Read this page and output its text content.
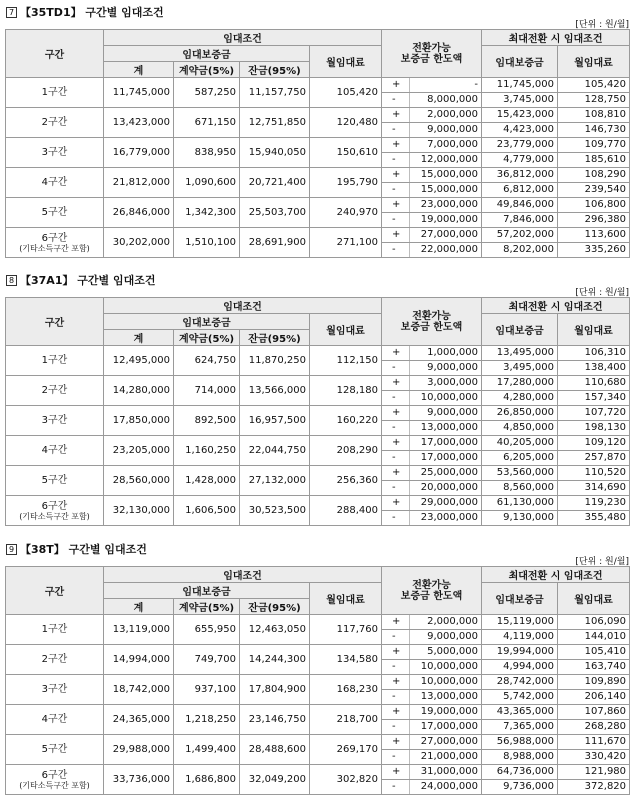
7 【35TD1】 구간별 임대조건
[단위 : 원/월]
구간	임대조건				전환가능
보증금 한도액		최대전환 시 임대조건	
	임대보증금			월임대료			임대보증금	월임대료
	계	계약금(5%)	잔금(95%)					

1구간	11,745,000	587,250	11,157,750	105,420	+	-	11,745,000	105,420
					-	8,000,000	3,745,000	128,750

2구간	13,423,000	671,150	12,751,850	120,480	+	2,000,000	15,423,000	108,810
					-	9,000,000	4,423,000	146,730

3구간	16,779,000	838,950	15,940,050	150,610	+	7,000,000	23,779,000	109,770
					-	12,000,000	4,779,000	185,610

4구간	21,812,000	1,090,600	20,721,400	195,790	+	15,000,000	36,812,000	108,290
					-	15,000,000	6,812,000	239,540

5구간	26,846,000	1,342,300	25,503,700	240,970	+	23,000,000	49,846,000	106,800
					-	19,000,000	7,846,000	296,380

6구간
(기타소득구간 포함)	30,202,000	1,510,100	28,691,900	271,100	+	27,000,000	57,202,000	113,600
					-	22,000,000	8,202,000	335,260
8 【37A1】 구간별 임대조건
[단위 : 원/월]
구간	임대조건				전환가능
보증금 한도액		최대전환 시 임대조건	
	임대보증금			월임대료			임대보증금	월임대료
	계	계약금(5%)	잔금(95%)					

1구간	12,495,000	624,750	11,870,250	112,150	+	1,000,000	13,495,000	106,310
					-	9,000,000	3,495,000	138,400

2구간	14,280,000	714,000	13,566,000	128,180	+	3,000,000	17,280,000	110,680
					-	10,000,000	4,280,000	157,340

3구간	17,850,000	892,500	16,957,500	160,220	+	9,000,000	26,850,000	107,720
					-	13,000,000	4,850,000	198,130

4구간	23,205,000	1,160,250	22,044,750	208,290	+	17,000,000	40,205,000	109,120
					-	17,000,000	6,205,000	257,870

5구간	28,560,000	1,428,000	27,132,000	256,360	+	25,000,000	53,560,000	110,520
					-	20,000,000	8,560,000	314,690

6구간
(기타소득구간 포함)	32,130,000	1,606,500	30,523,500	288,400	+	29,000,000	61,130,000	119,230
					-	23,000,000	9,130,000	355,480
9 【38T】 구간별 임대조건
[단위 : 원/월]
구간	임대조건				전환가능
보증금 한도액		최대전환 시 임대조건	
	임대보증금			월임대료			임대보증금	월임대료
	계	계약금(5%)	잔금(95%)					

1구간	13,119,000	655,950	12,463,050	117,760	+	2,000,000	15,119,000	106,090
					-	9,000,000	4,119,000	144,010

2구간	14,994,000	749,700	14,244,300	134,580	+	5,000,000	19,994,000	105,410
					-	10,000,000	4,994,000	163,740

3구간	18,742,000	937,100	17,804,900	168,230	+	10,000,000	28,742,000	109,890
					-	13,000,000	5,742,000	206,140

4구간	24,365,000	1,218,250	23,146,750	218,700	+	19,000,000	43,365,000	107,860
					-	17,000,000	7,365,000	268,280

5구간	29,988,000	1,499,400	28,488,600	269,170	+	27,000,000	56,988,000	111,670
					-	21,000,000	8,988,000	330,420

6구간
(기타소득구간 포함)	33,736,000	1,686,800	32,049,200	302,820	+	31,000,000	64,736,000	121,980
					-	24,000,000	9,736,000	372,820
